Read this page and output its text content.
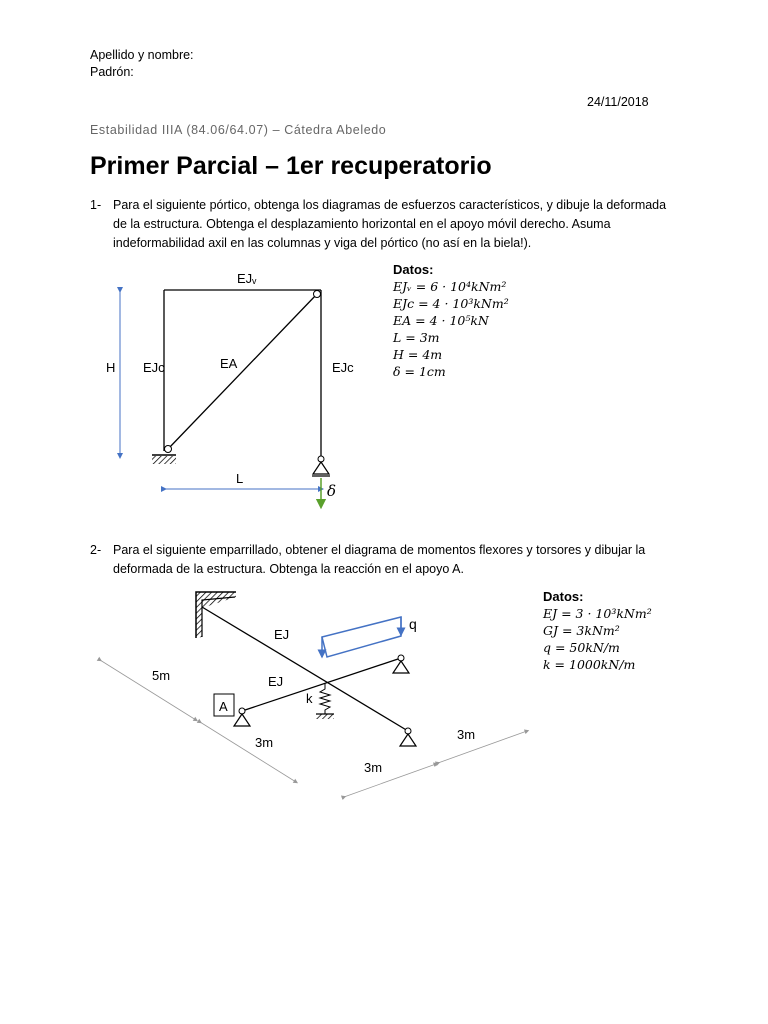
Apellido y nombre:
Padrón:
24/11/2018
Estabilidad IIIA (84.06/64.07) – Cátedra Abeledo
Primer Parcial – 1er recuperatorio
1- Para el siguiente pórtico, obtenga los diagramas de esfuerzos característicos, y dibuje la deformada de la estructura. Obtenga el desplazamiento horizontal en el apoyo móvil derecho. Asuma indeformabilidad axil en las columnas y viga del pórtico (no así en la biela!).
EJᵥ
EJc	EJc
EA
H
L
δ
EJ
EJ
q
k
A
5m
3m
3m
3m
Datos:
EJᵥ = 6 · 10⁴kNm²
EJc = 4 · 10³kNm²
EA = 4 · 10⁵kN
L = 3m
H = 4m
δ = 1cm
2- Para el siguiente emparrillado, obtener el diagrama de momentos flexores y torsores y dibujar la deformada de la estructura. Obtenga la reacción en el apoyo A.
Datos:
EJ = 3 · 10³kNm²
GJ = 3kNm²
q = 50kN/m
k = 1000kN/m
